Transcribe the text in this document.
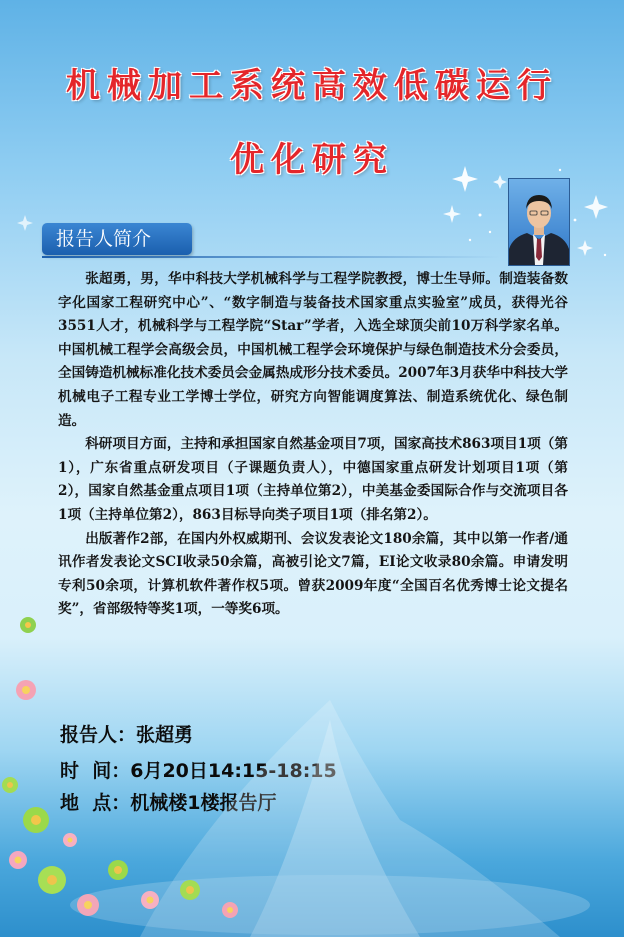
机械加工系统高效低碳运行
优化研究
报告人简介

张超勇，男，华中科技大学机械科学与工程学院教授，博士生导师。制造装备数字化国家工程研究中心”、“数字制造与装备技术国家重点实验室”成员，获得光谷3551人才，机械科学与工程学院“Star”学者，入选全球顶尖前10万科学家名单。中国机械工程学会高级会员，中国机械工程学会环境保护与绿色制造技术分会委员，全国铸造机械标准化技术委员会金属热成形分技术委员。2007年3月获华中科技大学机械电子工程专业工学博士学位，研究方向智能调度算法、制造系统优化、绿色制造。

科研项目方面，主持和承担国家自然基金项目7项，国家高技术863项目1项（第1），广东省重点研发项目（子课题负责人），中德国家重点研发计划项目1项（第2），国家自然基金重点项目1项（主持单位第2），中美基金委国际合作与交流项目各1项（主持单位第2），863目标导向类子项目1项（排名第2）。

出版著作2部，在国内外权威期刊、会议发表论文180余篇，其中以第一作者/通讯作者发表论文SCI收录50余篇，高被引论文7篇，EI论文收录80余篇。申请发明专利50余项，计算机软件著作权5项。曾获2009年度“全国百名优秀博士论文提名奖”，省部级特等奖1项，一等奖6项。

报告人：张超勇
时  间：6月20日14:15-18:15
地  点：机械楼1楼报告厅
